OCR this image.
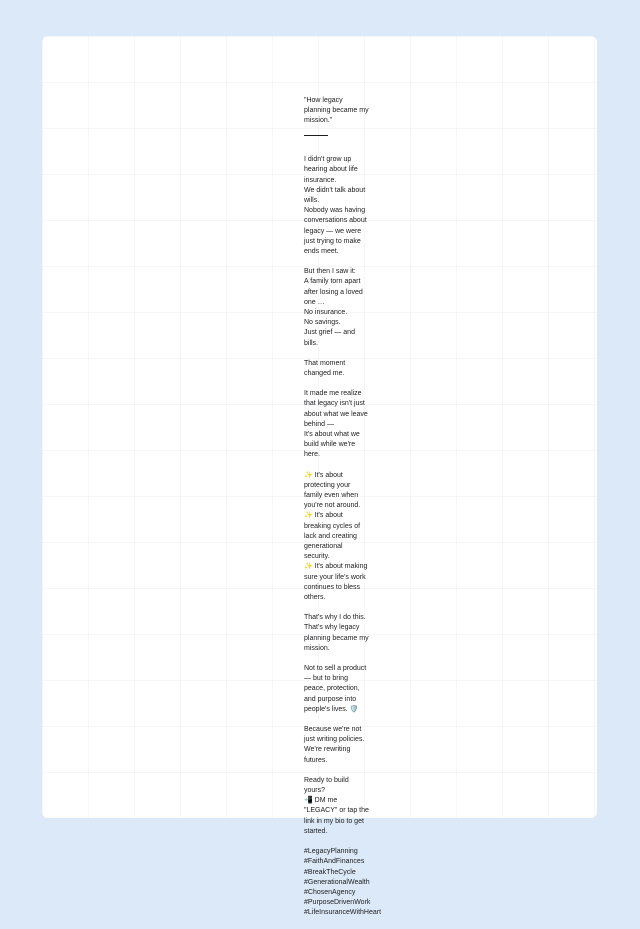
"How legacy planning became my mission."

I didn't grow up hearing about life insurance.
We didn't talk about wills.
Nobody was having conversations about legacy — we were just trying to make ends meet.

But then I saw it:
A family torn apart after losing a loved one …
No insurance.
No savings.
Just grief — and bills.

That moment changed me.

It made me realize that legacy isn't just about what we leave behind —
It's about what we build while we're here.

✨ It's about protecting your family even when you're not around.
✨ It's about breaking cycles of lack and creating generational security.
✨ It's about making sure your life's work continues to bless others.

That's why I do this.
That's why legacy planning became my mission.

Not to sell a product — but to bring peace, protection, and purpose into people's lives. 🛡️

Because we're not just writing policies.
We're rewriting futures.

Ready to build yours?
📲 DM me "LEGACY" or tap the link in my bio to get started.

#LegacyPlanning #FaithAndFinances #BreakTheCycle #GenerationalWealth #ChosenAgency #PurposeDrivenWork #LifeInsuranceWithHeart
